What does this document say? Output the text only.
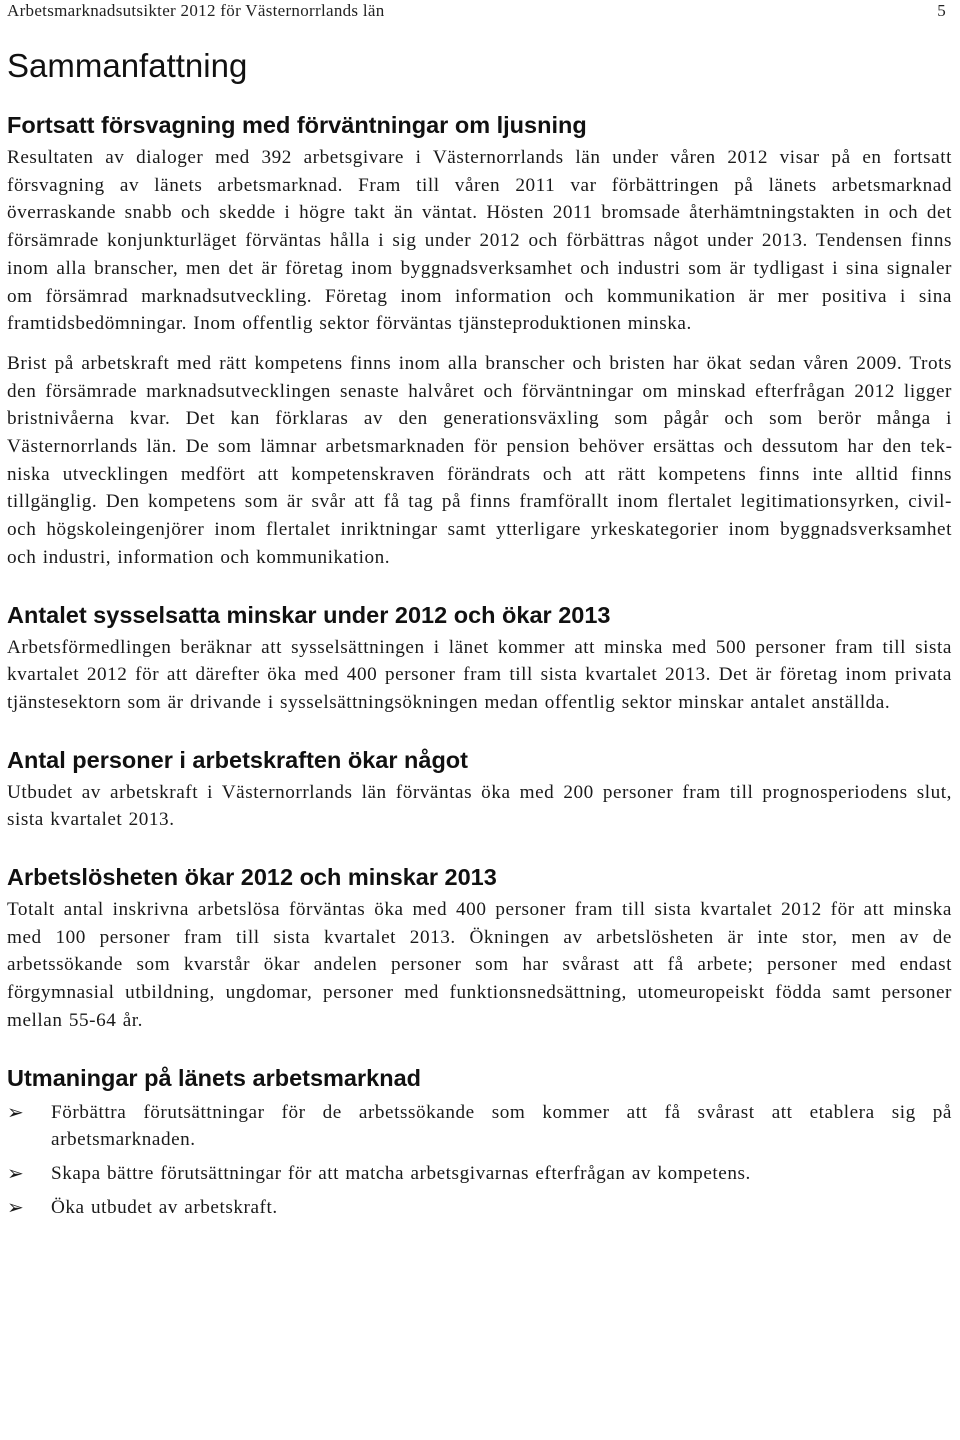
Arbetsmarknadsutsikter 2012 för Västernorrlands län	5
Sammanfattning
Fortsatt försvagning med förväntningar om ljusning

Resultaten av dialoger med 392 arbetsgivare i Västernorrlands län under våren 2012 visar på en fortsatt försvagning av länets arbetsmarknad. Fram till våren 2011 var förbättringen på länets arbetsmarknad överraskande snabb och skedde i högre takt än väntat. Hösten 2011 bromsade återhämtningstakten in och det försämrade konjunkturläget förväntas hålla i sig under 2012 och förbättras något under 2013. Tendensen finns inom alla branscher, men det är företag inom byggnadsverksamhet och industri som är tydligast i sina signaler om försämrad marknadsutveckling. Företag inom information och kommunikation är mer positiva i sina framtidsbedömningar. Inom offentlig sektor förväntas tjänsteproduktionen minska.

Brist på arbetskraft med rätt kompetens finns inom alla branscher och bristen har ökat sedan våren 2009. Trots den försämrade marknadsutvecklingen senaste halvåret och förväntningar om minskad efterfrågan 2012 ligger bristnivåerna kvar. Det kan förklaras av den generationsväxling som pågår och som berör många i Västernorrlands län. De som lämnar arbetsmarknaden för pension behöver ersättas och dessutom har den tekniska utvecklingen medfört att kompetenskraven förändrats och att rätt kompetens finns inte alltid finns tillgänglig. Den kompetens som är svår att få tag på finns framförallt inom flertalet legitimationsyrken, civil- och högskoleingenjörer inom flertalet inriktningar samt ytterligare yrkeskategorier inom byggnadsverksamhet och industri, information och kommunikation.

Antalet sysselsatta minskar under 2012 och ökar 2013

Arbetsförmedlingen beräknar att sysselsättningen i länet kommer att minska med 500 personer fram till sista kvartalet 2012 för att därefter öka med 400 personer fram till sista kvartalet 2013. Det är företag inom privata tjänstesektorn som är drivande i sysselsättningsökningen medan offentlig sektor minskar antalet anställda.

Antal personer i arbetskraften ökar något

Utbudet av arbetskraft i Västernorrlands län förväntas öka med 200 personer fram till prognosperiodens slut, sista kvartalet 2013.

Arbetslösheten ökar 2012 och minskar 2013

Totalt antal inskrivna arbetslösa förväntas öka med 400 personer fram till sista kvartalet 2012 för att minska med 100 personer fram till sista kvartalet 2013. Ökningen av arbetslösheten är inte stor, men av de arbetssökande som kvarstår ökar andelen personer som har svårast att få arbete; personer med endast förgymnasial utbildning, ungdomar, personer med funktionsnedsättning, utomeuropeiskt födda samt personer mellan 55-64 år.

Utmaningar på länets arbetsmarknad
➢ Förbättra förutsättningar för de arbetssökande som kommer att få svårast att etablera sig på arbetsmarknaden.
➢ Skapa bättre förutsättningar för att matcha arbetsgivarnas efterfrågan av kompetens.
➢ Öka utbudet av arbetskraft.
